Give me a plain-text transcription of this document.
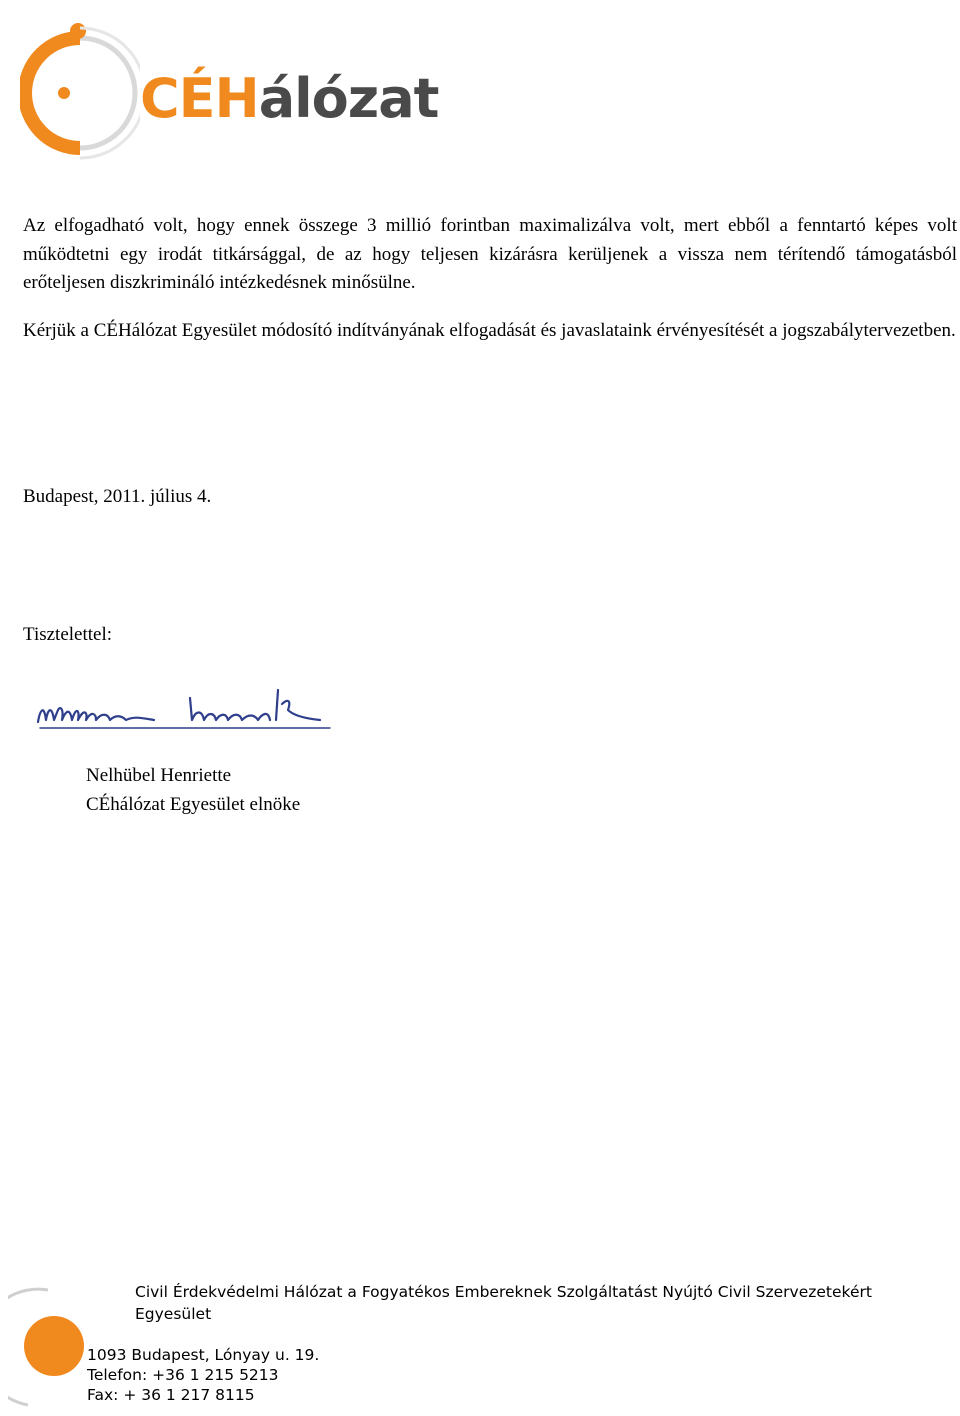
CÉHálózat

Az elfogadható volt, hogy ennek összege 3 millió forintban maximalizálva volt, mert ebből a fenntartó képes volt működtetni egy irodát titkársággal, de az hogy teljesen kizárásra kerüljenek a vissza nem térítendő támogatásból erőteljesen diszkrimináló intézkedésnek minősülne.

Kérjük a CÉHálózat Egyesület módosító indítványának elfogadását és javaslataink érvényesítését a jogszabálytervezetben.

Budapest, 2011. július 4.
Tisztelettel:
Nelhübel Henriette
CÉhálózat Egyesület elnöke
Civil Érdekvédelmi Hálózat a Fogyatékos Embereknek Szolgáltatást Nyújtó Civil Szervezetekért Egyesület
1093 Budapest, Lónyay u. 19.
Telefon: +36 1 215 5213
Fax: + 36 1 217 8115
